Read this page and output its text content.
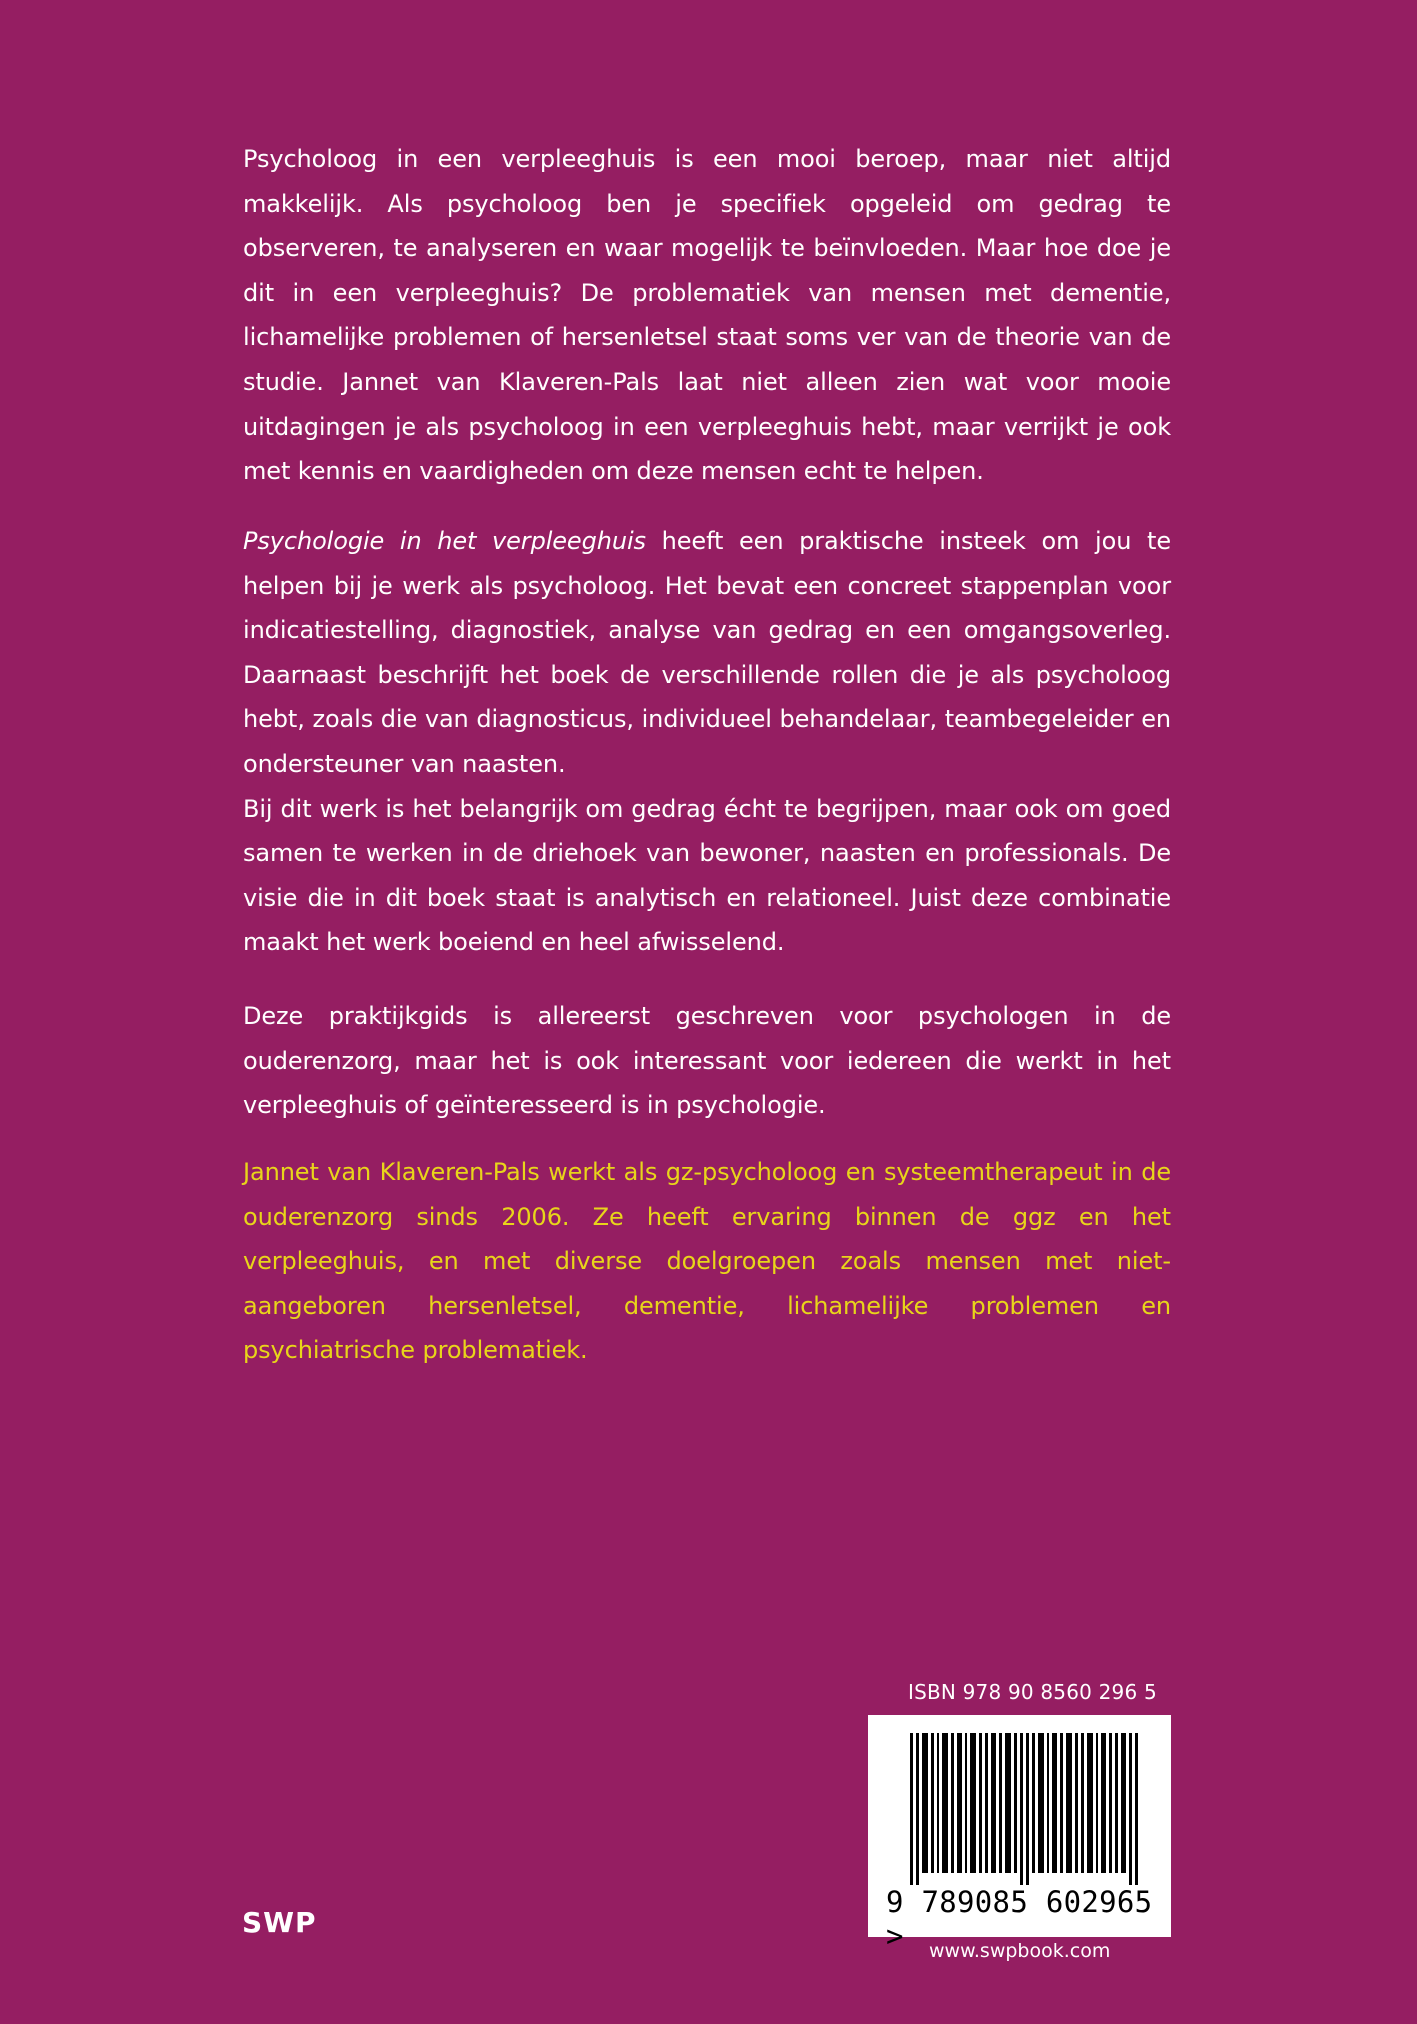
Psycholoog in een verpleeghuis is een mooi beroep, maar niet altijd makkelijk. Als psycholoog ben je specifiek opgeleid om gedrag te observeren, te analyseren en waar mogelijk te beïnvloeden. Maar hoe doe je dit in een verpleeghuis? De problematiek van mensen met dementie, lichamelijke problemen of hersenletsel staat soms ver van de theorie van de studie. Jannet van Klaveren-Pals laat niet alleen zien wat voor mooie uitdagingen je als psycholoog in een verpleeghuis hebt, maar verrijkt je ook met kennis en vaardigheden om deze mensen echt te helpen.

Psychologie in het verpleeghuis heeft een praktische insteek om jou te helpen bij je werk als psycholoog. Het bevat een concreet stappenplan voor indicatiestelling, diagnostiek, analyse van gedrag en een omgangsoverleg. Daarnaast beschrijft het boek de verschillende rollen die je als psycholoog hebt, zoals die van diagnosticus, individueel behandelaar, teambegeleider en ondersteuner van naasten.

Bij dit werk is het belangrijk om gedrag écht te begrijpen, maar ook om goed samen te werken in de driehoek van bewoner, naasten en professionals. De visie die in dit boek staat is analytisch en relationeel. Juist deze combinatie maakt het werk boeiend en heel afwisselend.

Deze praktijkgids is allereerst geschreven voor psychologen in de ouderenzorg, maar het is ook interessant voor iedereen die werkt in het verpleeghuis of geïnteresseerd is in psychologie.

Jannet van Klaveren-Pals werkt als gz-psycholoog en systeemtherapeut in de ouderenzorg sinds 2006. Ze heeft ervaring binnen de ggz en het verpleeghuis, en met diverse doelgroepen zoals mensen met niet-aangeboren hersenletsel, dementie, lichamelijke problemen en psychiatrische problematiek.

ISBN 978 90 8560 296 5
9 789085 602965 >
SWP
www.swpbook.com
